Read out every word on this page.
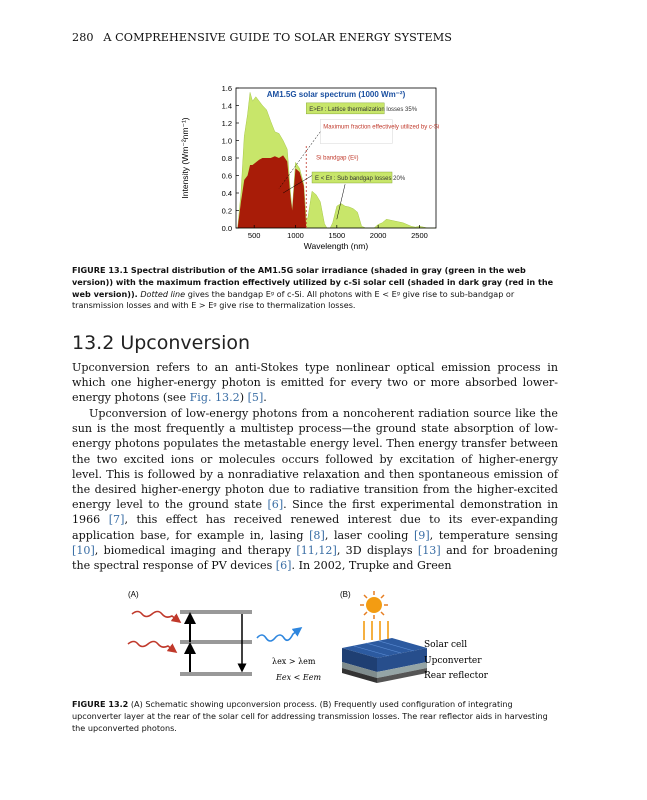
280 A COMPREHENSIVE GUIDE TO SOLAR ENERGY SYSTEMS
0.0
0.2
0.4
0.6
0.8
1.0
1.2
1.4
1.6
500	1000	1500	2000	2500
Wavelength (nm)
Intensity (Wm⁻²nm⁻¹)
AM1.5G solar spectrum (1000 Wm⁻²)
E>Eᵍ : Lattice thermalization losses 35%
Maximum fraction effectively utilized by c-Si
Si bandgap (Eᵍ)
E < Eᵍ : Sub bandgap losses 20%
FIGURE 13.1 Spectral distribution of the AM1.5G solar irradiance (shaded in gray (green in the web version)) with the maximum fraction effectively utilized by c-Si solar cell (shaded in dark gray (red in the web version)). Dotted line gives the bandgap Eᵍ of c-Si. All photons with E < Eᵍ give rise to sub-bandgap or transmission losses and with E > Eᵍ give rise to thermalization losses.
13.2 Upconversion
Upconversion refers to an anti-Stokes type nonlinear optical emission process in which one higher-energy photon is emitted for every two or more absorbed lower-energy photons (see Fig. 13.2) [5].
Upconversion of low-energy photons from a noncoherent radiation source like the sun is the most frequently a multistep process—the ground state absorption of low-energy photons populates the metastable energy level. Then energy transfer between the two excited ions or molecules occurs followed by excitation of higher-energy level. This is followed by a nonradiative relaxation and then spontaneous emission of the desired higher-energy photon due to radiative transition from the higher-excited energy level to the ground state [6]. Since the first experimental demonstration in 1966 [7], this effect has received renewed interest due to its ever-expanding application base, for example in, lasing [8], laser cooling [9], temperature sensing [10], biomedical imaging and therapy [11,12], 3D displays [13] and for broadening the spectral response of PV devices [6]. In 2002, Trupke and Green
(A)	(B)
λex > λem
Eex < Eem
Solar cell
Upconverter
Rear reflector
FIGURE 13.2 (A) Schematic showing upconversion process. (B) Frequently used configuration of integrating upconverter layer at the rear of the solar cell for addressing transmission losses. The rear reflector aids in harvesting the upconverted photons.
